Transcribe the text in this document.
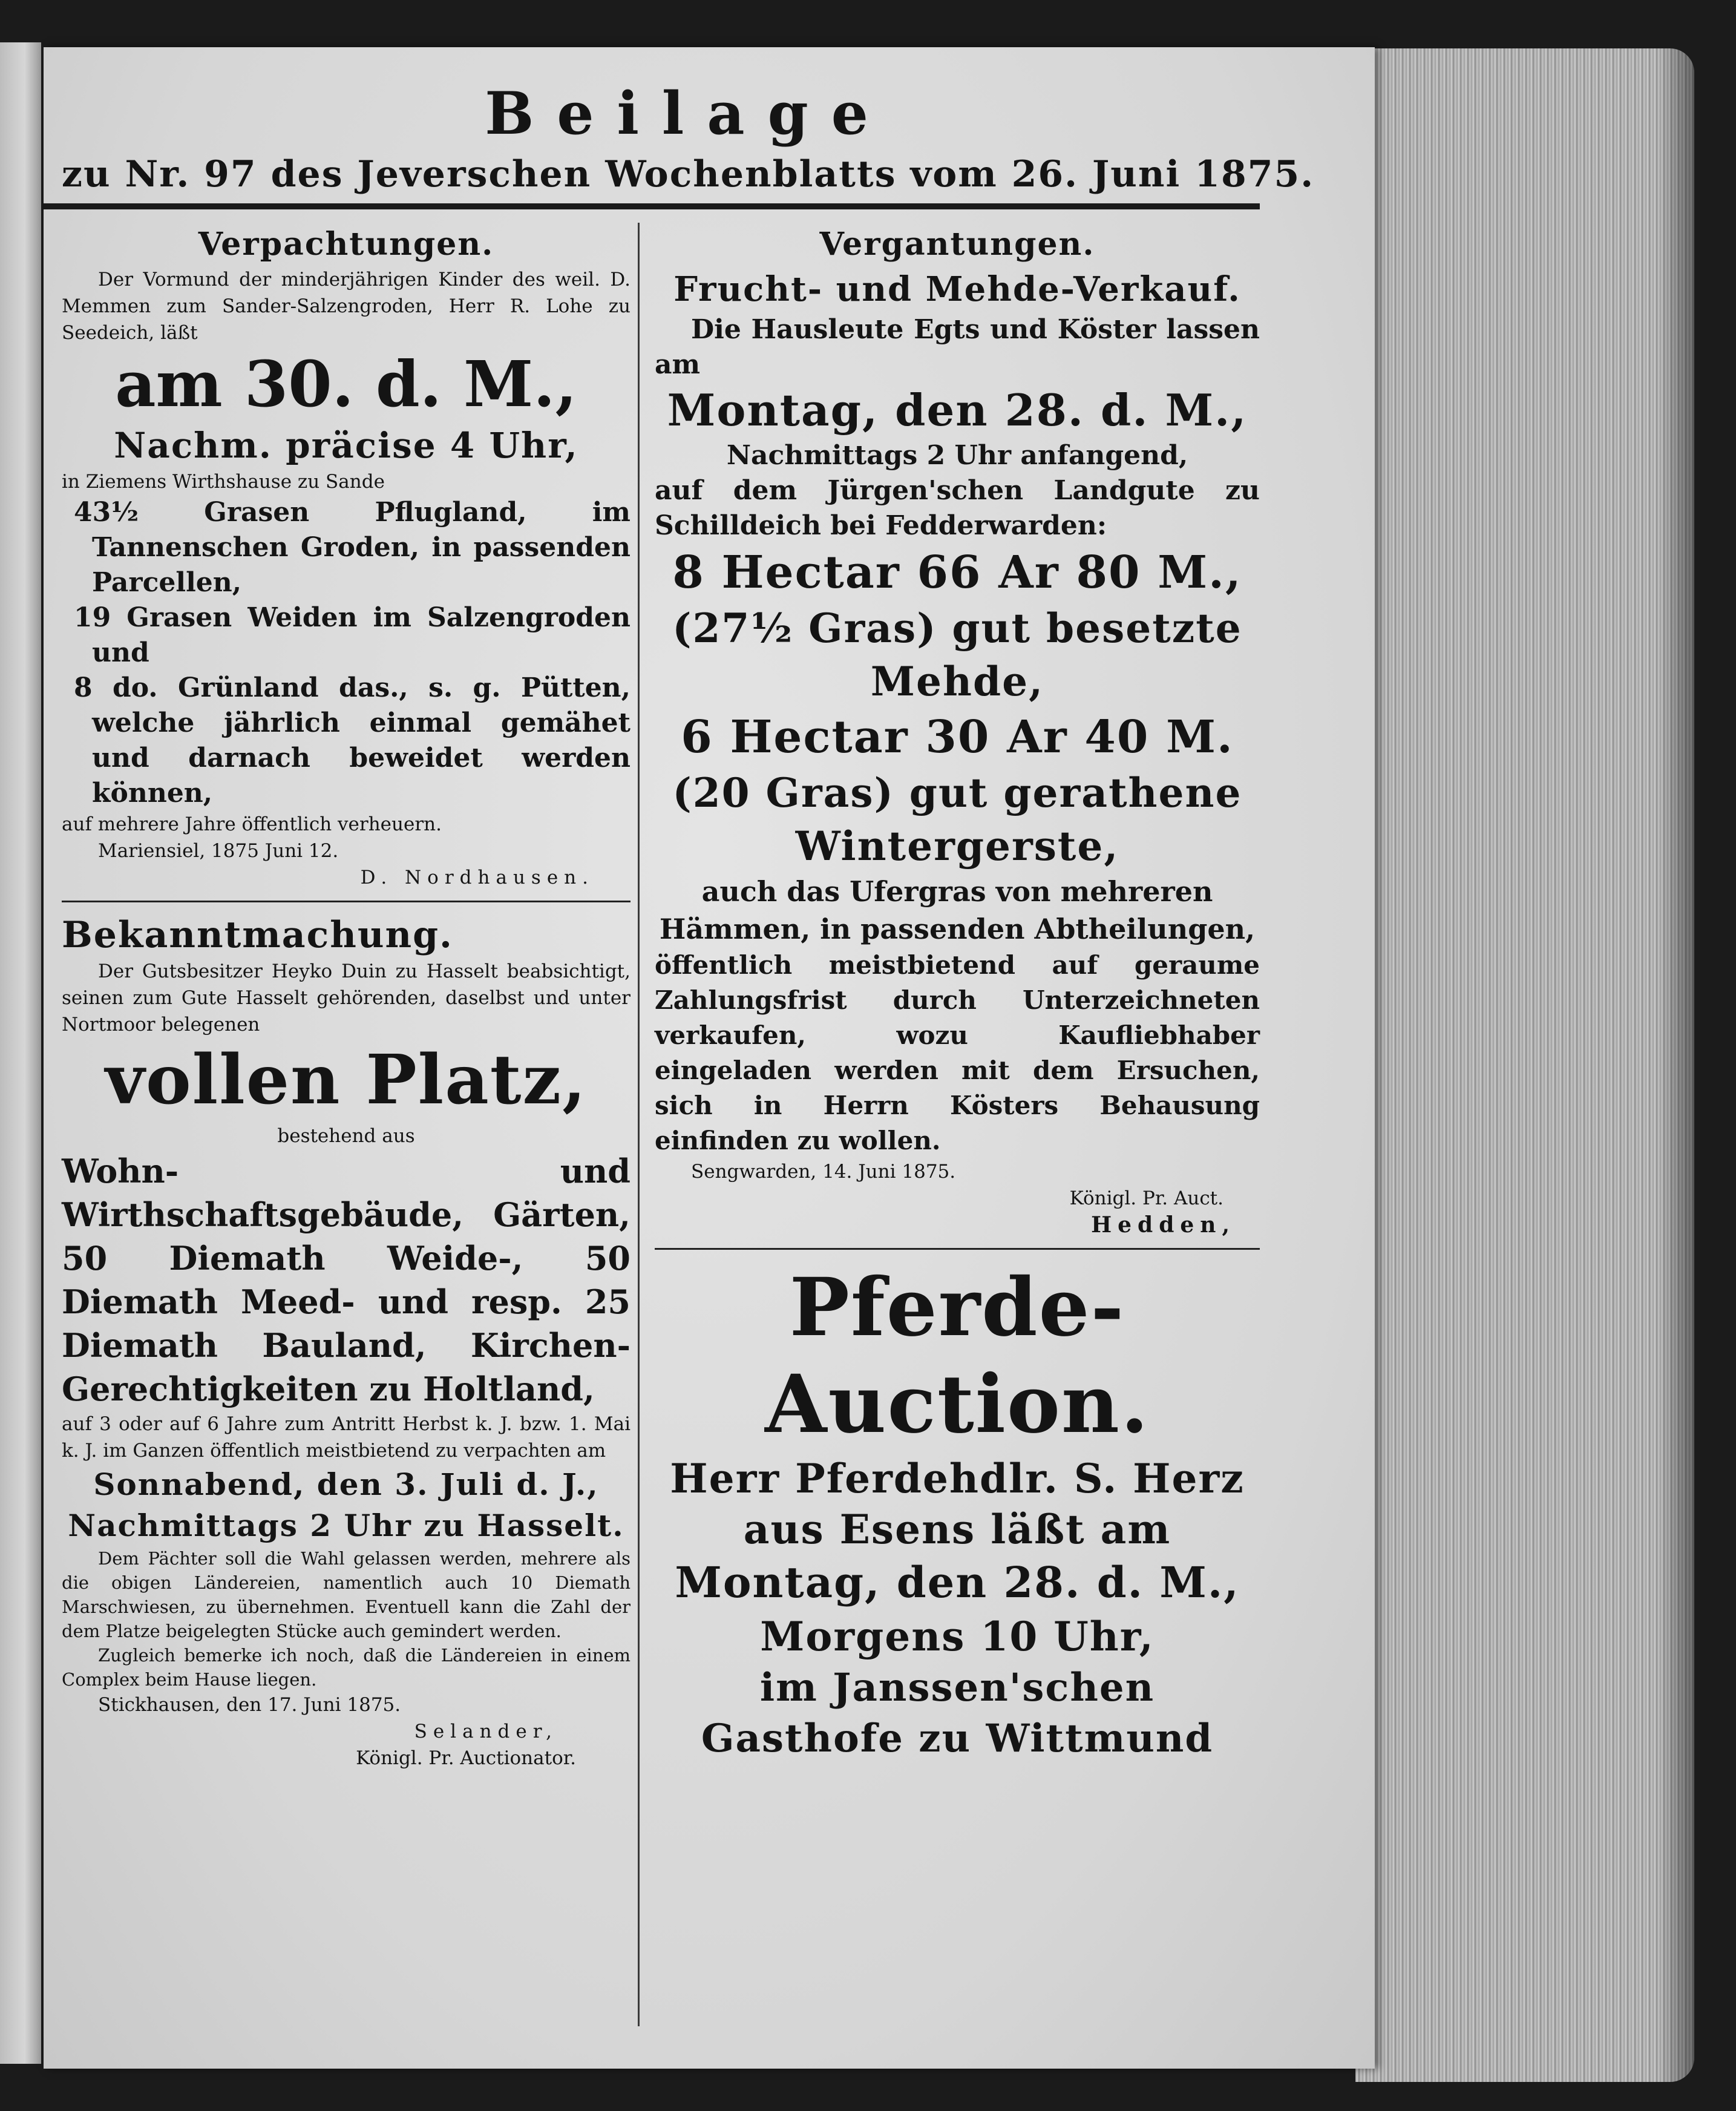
Beilage
zu Nr. 97 des Jeverschen Wochenblatts vom 26. Juni 1875.

Verpachtungen.

Der Vormund der minderjährigen Kinder des weil. D. Memmen zum Sander-Salzengroden, Herr R. Lohe zu Seedeich, läßt

am 30. d. M.,

Nachm. präcise 4 Uhr,

in Ziemens Wirthshause zu Sande

43½ Grasen Pflugland, im Tannenschen Groden, in passenden Parcellen,

19 Grasen Weiden im Salzengroden und

8 do. Grünland das., s. g. Pütten, welche jährlich einmal gemähet und darnach beweidet werden können,

auf mehrere Jahre öffentlich verheuern.

Mariensiel, 1875 Juni 12.

D. Nordhausen.

Bekanntmachung.

Der Gutsbesitzer Heyko Duin zu Hasselt beabsichtigt, seinen zum Gute Hasselt gehörenden, daselbst und unter Nortmoor belegenen

vollen Platz,

bestehend aus

Wohn- und Wirthschaftsgebäude, Gärten, 50 Diemath Weide-, 50 Diemath Meed- und resp. 25 Diemath Bauland, Kirchen-Gerechtigkeiten zu Holtland,

auf 3 oder auf 6 Jahre zum Antritt Herbst k. J. bzw. 1. Mai k. J. im Ganzen öffentlich meistbietend zu verpachten am

Sonnabend, den 3. Juli d. J., Nachmittags 2 Uhr zu Hasselt.

Dem Pächter soll die Wahl gelassen werden, mehrere als die obigen Ländereien, namentlich auch 10 Diemath Marschwiesen, zu übernehmen. Eventuell kann die Zahl der dem Platze beigelegten Stücke auch gemindert werden.

Zugleich bemerke ich noch, daß die Ländereien in einem Complex beim Hause liegen.

Stickhausen, den 17. Juni 1875.

Selander,

Königl. Pr. Auctionator.

Vergantungen.

Frucht- und Mehde-Verkauf.

Die Hausleute Egts und Köster lassen am

Montag, den 28. d. M.,

Nachmittags 2 Uhr anfangend,

auf dem Jürgen'schen Landgute zu Schilldeich bei Fedderwarden:

8 Hectar 66 Ar 80 M.,

(27½ Gras) gut besetzte Mehde,

6 Hectar 30 Ar 40 M.

(20 Gras) gut gerathene Wintergerste,

auch das Ufergras von mehreren Hämmen, in passenden Abtheilungen,

öffentlich meistbietend auf geraume Zahlungsfrist durch Unterzeichneten verkaufen, wozu Kaufliebhaber eingeladen werden mit dem Ersuchen, sich in Herrn Kösters Behausung einfinden zu wollen.

Sengwarden, 14. Juni 1875.

Königl. Pr. Auct.

Hedden,

Pferde-Auction.

Herr Pferdehdlr. S. Herz aus Esens läßt am

Montag, den 28. d. M.,

Morgens 10 Uhr,

im Janssen'schen Gasthofe zu Wittmund
